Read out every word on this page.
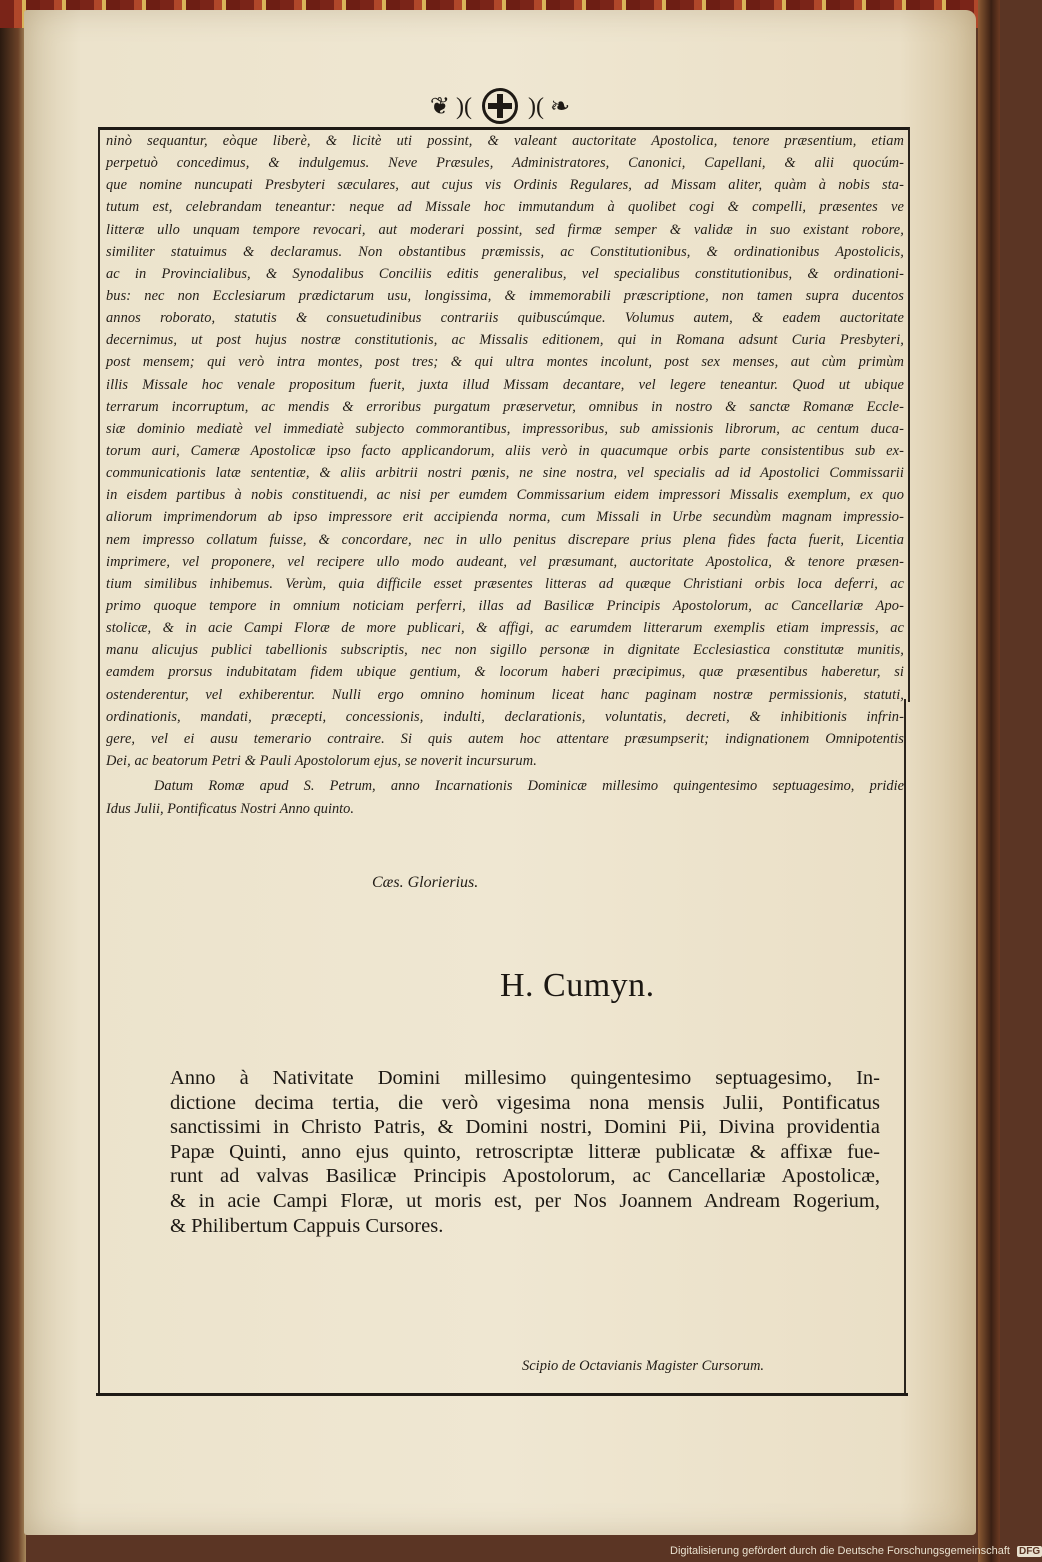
❦ )( )( ❧
ninò sequantur, eòque liberè, & licitè uti possint, & valeant auctoritate Apostolica, tenore præsentium, etiam
perpetuò concedimus, & indulgemus. Neve Præsules, Administratores, Canonici, Capellani, & alii quocúm-
que nomine nuncupati Presbyteri sæculares, aut cujus vis Ordinis Regulares, ad Missam aliter, quàm à nobis sta-
tutum est, celebrandam teneantur: neque ad Missale hoc immutandum à quolibet cogi & compelli, præsentes ve
litteræ ullo unquam tempore revocari, aut moderari possint, sed firmæ semper & validæ in suo existant robore,
similiter statuimus & declaramus. Non obstantibus præmissis, ac Constitutionibus, & ordinationibus Apostolicis,
ac in Provincialibus, & Synodalibus Conciliis editis generalibus, vel specialibus constitutionibus, & ordinationi-
bus: nec non Ecclesiarum prædictarum usu, longissima, & immemorabili præscriptione, non tamen supra ducentos
annos roborato, statutis & consuetudinibus contrariis quibuscúmque. Volumus autem, & eadem auctoritate
decernimus, ut post hujus nostræ constitutionis, ac Missalis editionem, qui in Romana adsunt Curia Presbyteri,
post mensem; qui verò intra montes, post tres; & qui ultra montes incolunt, post sex menses, aut cùm primùm
illis Missale hoc venale propositum fuerit, juxta illud Missam decantare, vel legere teneantur. Quod ut ubique
terrarum incorruptum, ac mendis & erroribus purgatum præservetur, omnibus in nostro & sanctæ Romanæ Eccle-
siæ dominio mediatè vel immediatè subjecto commorantibus, impressoribus, sub amissionis librorum, ac centum duca-
torum auri, Cameræ Apostolicæ ipso facto applicandorum, aliis verò in quacumque orbis parte consistentibus sub ex-
communicationis latæ sententiæ, & aliis arbitrii nostri pœnis, ne sine nostra, vel specialis ad id Apostolici Commissarii
in eisdem partibus à nobis constituendi, ac nisi per eumdem Commissarium eidem impressori Missalis exemplum, ex quo
aliorum imprimendorum ab ipso impressore erit accipienda norma, cum Missali in Urbe secundùm magnam impressio-
nem impresso collatum fuisse, & concordare, nec in ullo penitus discrepare prius plena fides facta fuerit, Licentia
imprimere, vel proponere, vel recipere ullo modo audeant, vel præsumant, auctoritate Apostolica, & tenore præsen-
tium similibus inhibemus. Verùm, quia difficile esset præsentes litteras ad quæque Christiani orbis loca deferri, ac
primo quoque tempore in omnium noticiam perferri, illas ad Basilicæ Principis Apostolorum, ac Cancellariæ Apo-
stolicæ, & in acie Campi Floræ de more publicari, & affigi, ac earumdem litterarum exemplis etiam impressis, ac
manu alicujus publici tabellionis subscriptis, nec non sigillo personæ in dignitate Ecclesiastica constitutæ munitis,
eamdem prorsus indubitatam fidem ubique gentium, & locorum haberi præcipimus, quæ præsentibus haberetur, si
ostenderentur, vel exhiberentur. Nulli ergo omnino hominum liceat hanc paginam nostræ permissionis, statuti,
ordinationis, mandati, præcepti, concessionis, indulti, declarationis, voluntatis, decreti, & inhibitionis infrin-
gere, vel ei ausu temerario contraire. Si quis autem hoc attentare præsumpserit; indignationem Omnipotentis
Dei, ac beatorum Petri & Pauli Apostolorum ejus, se noverit incursurum.
Datum Romæ apud S. Petrum, anno Incarnationis Dominicæ millesimo quingentesimo septuagesimo, pridie
Idus Julii, Pontificatus Nostri Anno quinto.
Cæs. Glorierius.
H. Cumyn.
Anno à Nativitate Domini millesimo quingentesimo septuagesimo, In-
dictione decima tertia, die verò vigesima nona mensis Julii, Pontificatus
sanctissimi in Christo Patris, & Domini nostri, Domini Pii, Divina providentia
Papæ Quinti, anno ejus quinto, retroscriptæ litteræ publicatæ & affixæ fue-
runt ad valvas Basilicæ Principis Apostolorum, ac Cancellariæ Apostolicæ,
& in acie Campi Floræ, ut moris est, per Nos Joannem Andream Rogerium,
& Philibertum Cappuis Cursores.
Scipio de Octavianis Magister Cursorum.
Digitalisierung gefördert durch die Deutsche Forschungsgemeinschaft DFG
